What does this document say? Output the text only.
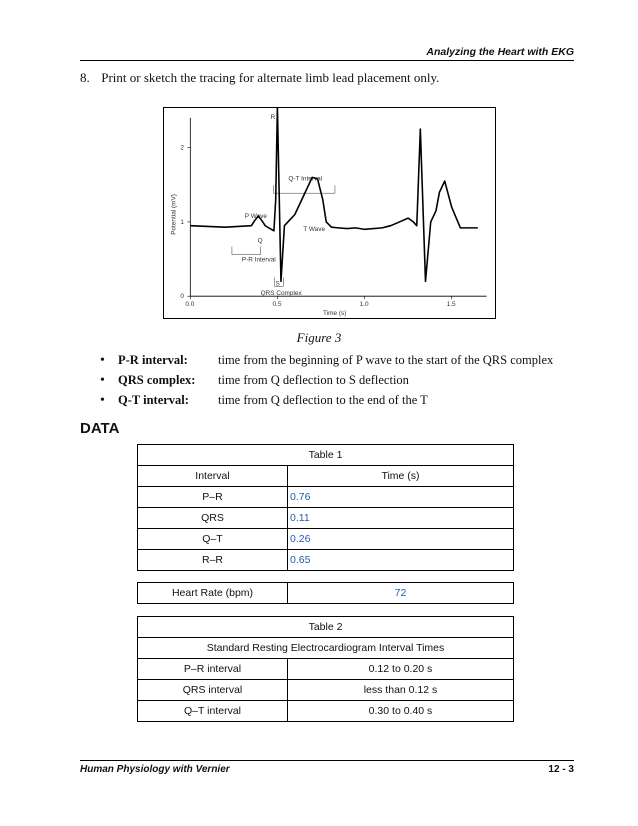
Analyzing the Heart with EKG
8. Print or sketch the tracing for alternate limb lead placement only.
0.0	0.5	1.0	1.5
0
1
2
Potential (mV)
Time (s)
R
Q-T Interval
P Wave
T Wave
Q
P-R Interval
S
QRS Complex
Figure 3
• P-R interval: time from the beginning of P wave to the start of the QRS complex
• QRS complex: time from Q deflection to S deflection
• Q-T interval: time from Q deflection to the end of the T
DATA
Table 1	
Interval	Time (s)
P–R	0.76
QRS	0.11
Q–T	0.26
R–R	0.65
Heart Rate (bpm)	72
Table 2	
Standard Resting Electrocardiogram Interval Times	
P–R interval	0.12 to 0.20 s
QRS interval	less than 0.12 s
Q–T interval	0.30 to 0.40 s
Human Physiology with Vernier	12 - 3
